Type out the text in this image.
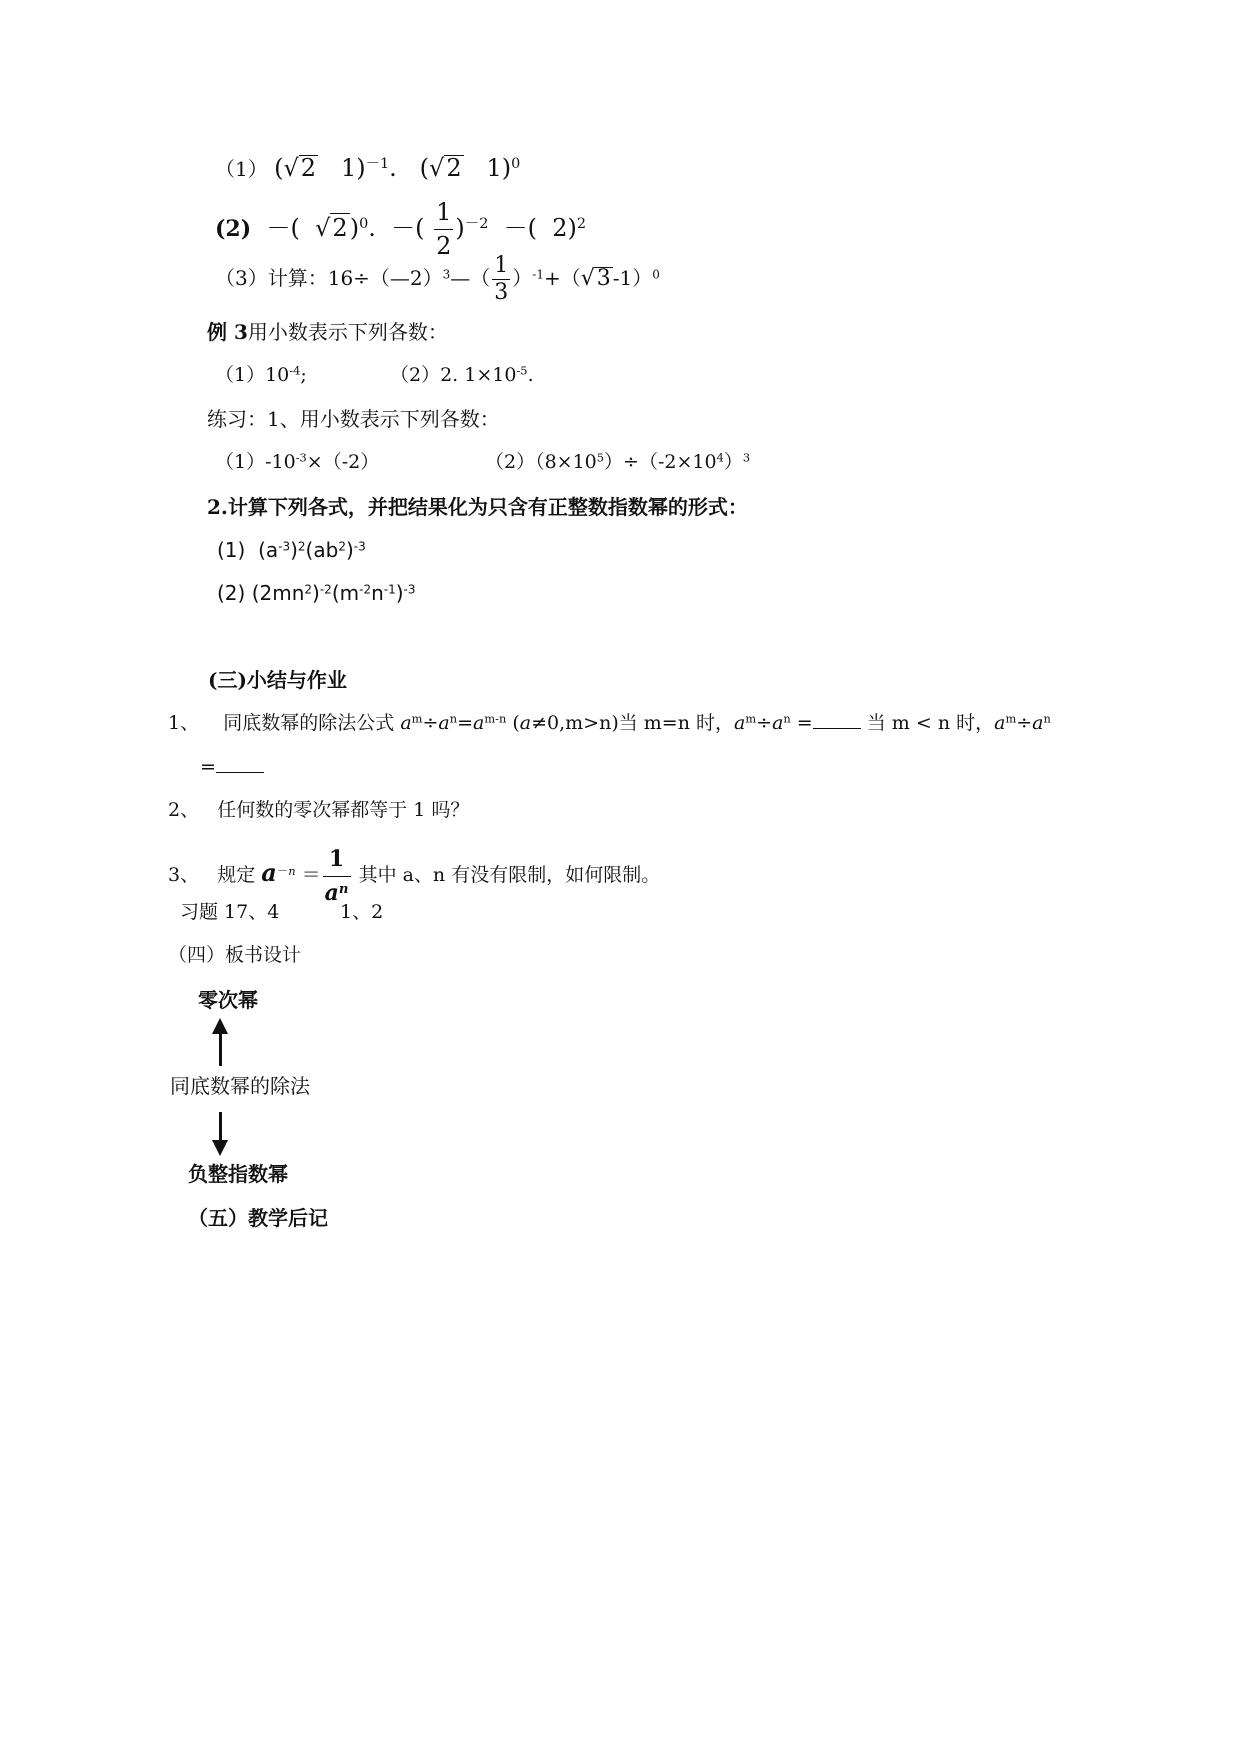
（1） (√2 1)$^{-1}$. (√2 1)$^0$
(2)  －( √2)$^0$.  －( $\frac{1}{2} )^{-2}$  －( 2)$^2$
（3）计算：16÷（—2）$^3$—（ $\frac{1}{3} )^{-1}+(√3$ -1）$^0$
例 3用小数表示下列各数：
$(1)10^{-4}$;	（2）2. $1\times 10^{-5}$.
练习：1、用小数表示下列各数：
$(1)-10^{-3}\times(-2)$	$(2)(8\times 10^5)\div(-2\times 10^4)^3$
2.计算下列各式，并把结果化为只含有正整数指数幂的形式：
(1) $(a^{-3})^2(ab^2)^{-3}$
(2) $(2mn^2)^{-2}(m^{-2}n^{-1})^{-3}$
(三)小结与作业
1、 同底数幂的除法公式 $a^m\div a^n=a^{m-n}$ (a≠0,m>n)当 m=n 时，$a^m\div a^n$ =	当 m < n 时，$a^m\div a^n$
=
2、 任何数的零次幂都等于 1 吗？
3、 规定 $a^{-n} = \frac{1}{a^n}$ 其中 a、n 有没有限制，如何限制。
习题 17、4	1、2
（四）板书设计
零次幂
同底数幂的除法
负整指数幂
（五）教学后记
